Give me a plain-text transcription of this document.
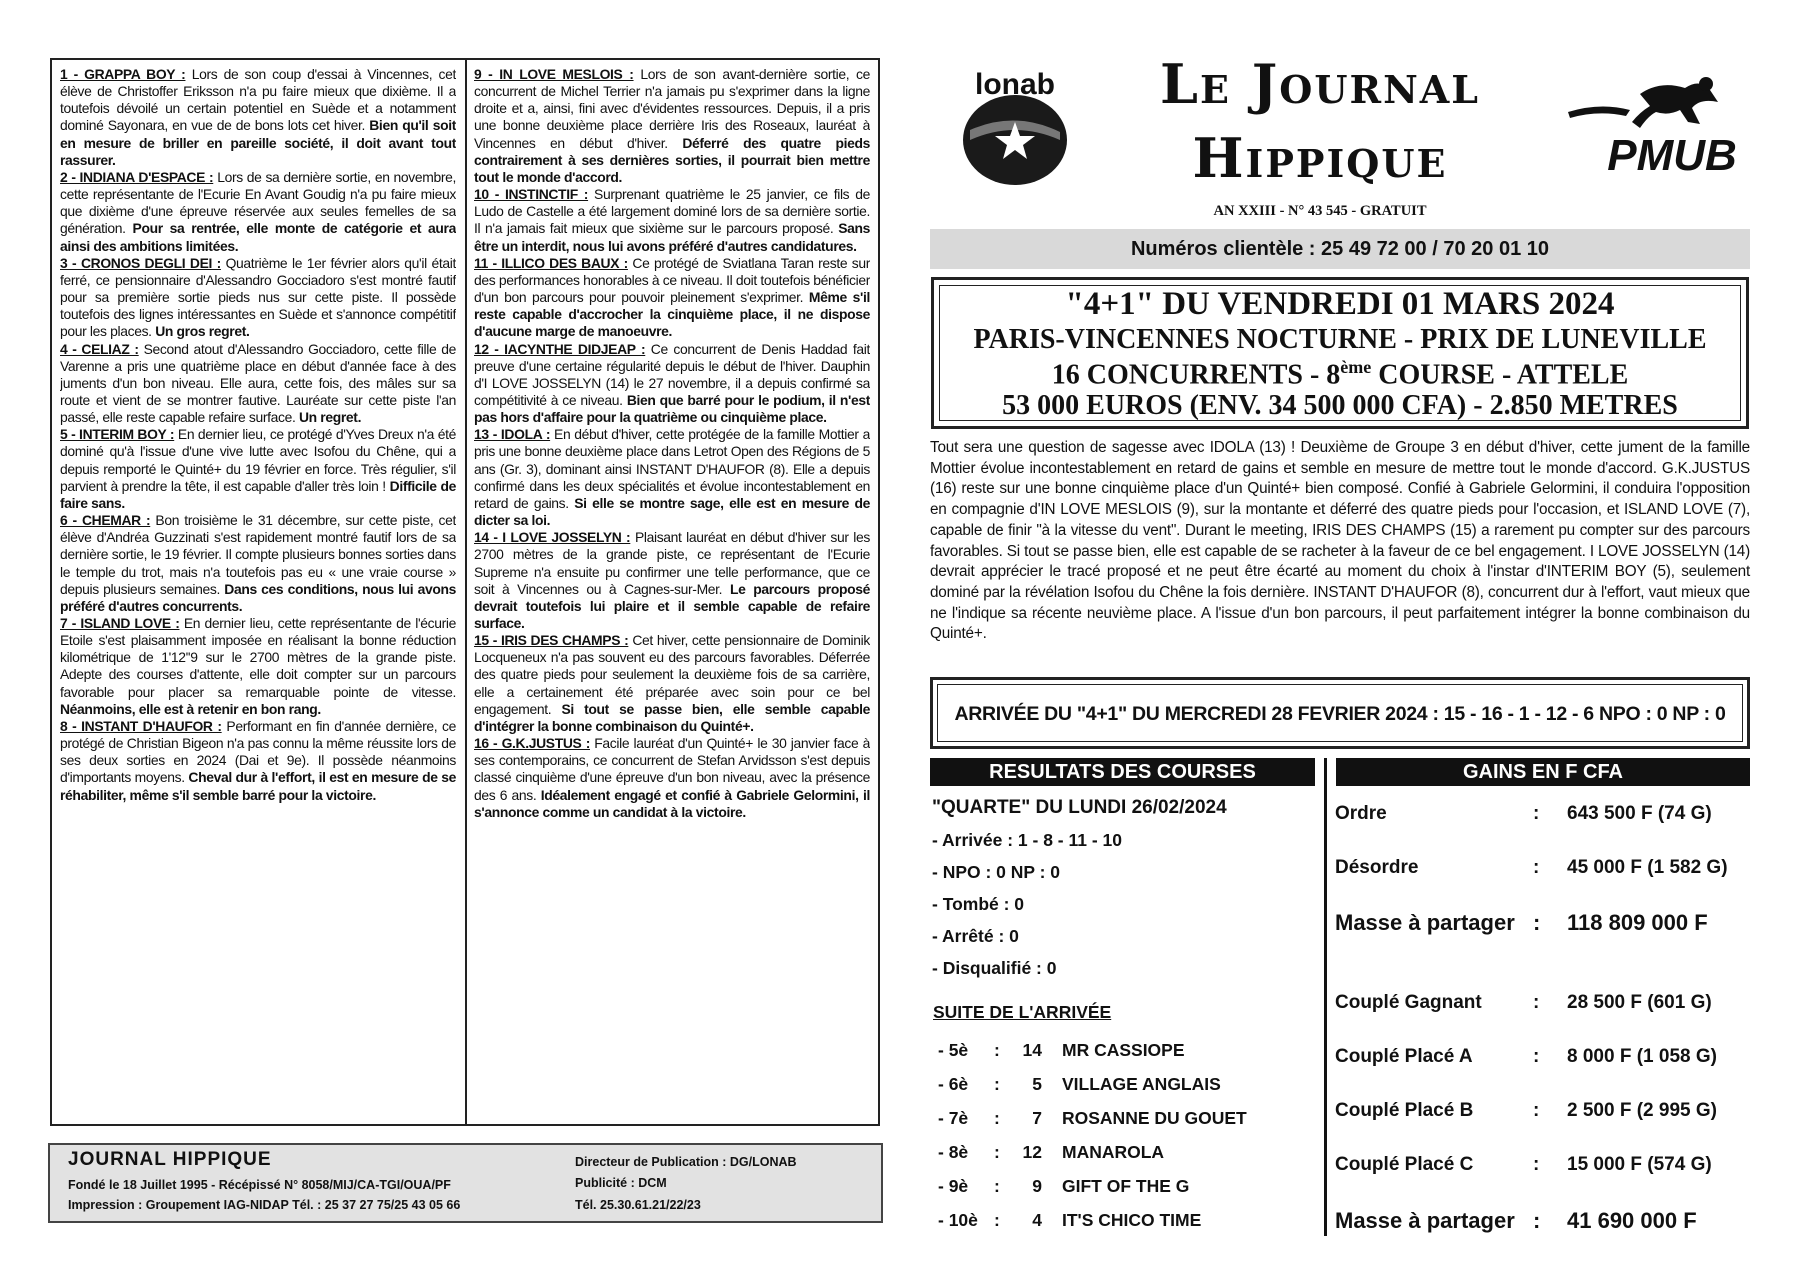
1 - GRAPPA BOY : Lors de son coup d'essai à Vincennes, cet élève de Christoffer Eriksson n'a pu faire mieux que dixième. Il a toutefois dévoilé un certain potentiel en Suède et a notamment dominé Sayonara, en vue de de bons lots cet hiver. Bien qu'il soit en mesure de briller en pareille société, il doit avant tout rassurer.

2 - INDIANA D'ESPACE : Lors de sa dernière sortie, en novembre, cette représentante de l'Ecurie En Avant Goudig n'a pu faire mieux que dixième d'une épreuve réservée aux seules femelles de sa génération. Pour sa rentrée, elle monte de catégorie et aura ainsi des ambitions limitées.

3 - CRONOS DEGLI DEI : Quatrième le 1er février alors qu'il était ferré, ce pensionnaire d'Alessandro Gocciadoro s'est montré fautif pour sa première sortie pieds nus sur cette piste. Il possède toutefois des lignes intéressantes en Suède et s'annonce compétitif pour les places. Un gros regret.

4 - CELIAZ : Second atout d'Alessandro Gocciadoro, cette fille de Varenne a pris une quatrième place en début d'année face à des juments d'un bon niveau. Elle aura, cette fois, des mâles sur sa route et vient de se montrer fautive. Lauréate sur cette piste l'an passé, elle reste capable refaire surface. Un regret.

5 - INTERIM BOY : En dernier lieu, ce protégé d'Yves Dreux n'a été dominé qu'à l'issue d'une vive lutte avec Isofou du Chêne, qui a depuis remporté le Quinté+ du 19 février en force. Très régulier, s'il parvient à prendre la tête, il est capable d'aller très loin ! Difficile de faire sans.

6 - CHEMAR : Bon troisième le 31 décembre, sur cette piste, cet élève d'Andréa Guzzinati s'est rapidement montré fautif lors de sa dernière sortie, le 19 février. Il compte plusieurs bonnes sorties dans le temple du trot, mais n'a toutefois pas eu « une vraie course » depuis plusieurs semaines. Dans ces conditions, nous lui avons préféré d'autres concurrents.

7 - ISLAND LOVE : En dernier lieu, cette représentante de l'écurie Etoile s'est plaisamment imposée en réalisant la bonne réduction kilométrique de 1'12''9 sur le 2700 mètres de la grande piste. Adepte des courses d'attente, elle doit compter sur un parcours favorable pour placer sa remarquable pointe de vitesse. Néanmoins, elle est à retenir en bon rang.

8 - INSTANT D'HAUFOR : Performant en fin d'année dernière, ce protégé de Christian Bigeon n'a pas connu la même réussite lors de ses deux sorties en 2024 (Dai et 9e). Il possède néanmoins d'importants moyens. Cheval dur à l'effort, il est en mesure de se réhabiliter, même s'il semble barré pour la victoire.

9 - IN LOVE MESLOIS : Lors de son avant-dernière sortie, ce concurrent de Michel Terrier n'a jamais pu s'exprimer dans la ligne droite et a, ainsi, fini avec d'évidentes ressources. Depuis, il a pris une bonne deuxième place derrière Iris des Roseaux, lauréat à Vincennes en début d'hiver. Déferré des quatre pieds contrairement à ses dernières sorties, il pourrait bien mettre tout le monde d'accord.

10 - INSTINCTIF : Surprenant quatrième le 25 janvier, ce fils de Ludo de Castelle a été largement dominé lors de sa dernière sortie. Il n'a jamais fait mieux que sixième sur le parcours proposé. Sans être un interdit, nous lui avons préféré d'autres candidatures.

11 - ILLICO DES BAUX : Ce protégé de Sviatlana Taran reste sur des performances honorables à ce niveau. Il doit toutefois bénéficier d'un bon parcours pour pouvoir pleinement s'exprimer. Même s'il reste capable d'accrocher la cinquième place, il ne dispose d'aucune marge de manoeuvre.

12 - IACYNTHE DIDJEAP : Ce concurrent de Denis Haddad fait preuve d'une certaine régularité depuis le début de l'hiver. Dauphin d'I LOVE JOSSELYN (14) le 27 novembre, il a depuis confirmé sa compétitivité à ce niveau. Bien que barré pour le podium, il n'est pas hors d'affaire pour la quatrième ou cinquième place.

13 - IDOLA : En début d'hiver, cette protégée de la famille Mottier a pris une bonne deuxième place dans Letrot Open des Régions de 5 ans (Gr. 3), dominant ainsi INSTANT D'HAUFOR (8). Elle a depuis confirmé dans les deux spécialités et évolue incontestablement en retard de gains. Si elle se montre sage, elle est en mesure de dicter sa loi.

14 - I LOVE JOSSELYN : Plaisant lauréat en début d'hiver sur les 2700 mètres de la grande piste, ce représentant de l'Ecurie Supreme n'a ensuite pu confirmer une telle performance, que ce soit à Vincennes ou à Cagnes-sur-Mer. Le parcours proposé devrait toutefois lui plaire et il semble capable de refaire surface.

15 - IRIS DES CHAMPS : Cet hiver, cette pensionnaire de Dominik Locqueneux n'a pas souvent eu des parcours favorables. Déferrée des quatre pieds pour seulement la deuxième fois de sa carrière, elle a certainement été préparée avec soin pour ce bel engagement. Si tout se passe bien, elle semble capable d'intégrer la bonne combinaison du Quinté+.

16 - G.K.JUSTUS : Facile lauréat d'un Quinté+ le 30 janvier face à ses contemporains, ce concurrent de Stefan Arvidsson s'est depuis classé cinquième d'une épreuve d'un bon niveau, avec la présence des 6 ans. Idéalement engagé et confié à Gabriele Gelormini, il s'annonce comme un candidat à la victoire.

JOURNAL HIPPIQUE
Fondé le 18 Juillet 1995 - Récépissé N° 8058/MIJ/CA-TGI/OUA/PF
Impression : Groupement IAG-NIDAP Tél. : 25 37 27 75/25 43 05 66
Directeur de Publication : DG/LONAB
Publicité : DCM
Tél. 25.30.61.21/22/23
lonab	Le Journal
Hippique
AN XXIII - N° 43 545 - GRATUIT
PMUB
Numéros clientèle : 25 49 72 00 / 70 20 01 10
"4+1" DU VENDREDI 01 MARS 2024
PARIS-VINCENNES NOCTURNE - PRIX DE LUNEVILLE
16 CONCURRENTS - 8ème COURSE - ATTELE
53 000 EUROS (ENV. 34 500 000 CFA) - 2.850 METRES
Tout sera une question de sagesse avec IDOLA (13) ! Deuxième de Groupe 3 en début d'hiver, cette jument de la famille Mottier évolue incontestablement en retard de gains et semble en mesure de mettre tout le monde d'accord. G.K.JUSTUS (16) reste sur une bonne cinquième place d'un Quinté+ bien composé. Confié à Gabriele Gelormini, il conduira l'opposition en compagnie d'IN LOVE MESLOIS (9), sur la montante et déferré des quatre pieds pour l'occasion, et ISLAND LOVE (7), capable de finir "à la vitesse du vent". Durant le meeting, IRIS DES CHAMPS (15) a rarement pu compter sur des parcours favorables. Si tout se passe bien, elle est capable de se racheter à la faveur de ce bel engagement. I LOVE JOSSELYN (14) devrait apprécier le tracé proposé et ne peut être écarté au moment du choix à l'instar d'INTERIM BOY (5), seulement dominé par la révélation Isofou du Chêne la fois dernière. INSTANT D'HAUFOR (8), concurrent dur à l'effort, vaut mieux que ne l'indique sa récente neuvième place. A l'issue d'un bon parcours, il peut parfaitement intégrer la bonne combinaison du Quinté+.
ARRIVÉE DU "4+1" DU MERCREDI 28 FEVRIER 2024 : 15 - 16 - 1 - 12 - 6 NPO : 0 NP : 0
RESULTATS DES COURSES	GAINS EN F CFA
"QUARTE" DU LUNDI 26/02/2024
- Arrivée : 1 - 8 - 11 - 10
- NPO : 0 NP : 0
- Tombé : 0
- Arrêté : 0
- Disqualifié : 0
SUITE DE L'ARRIVÉE
- 5è : 14 MR CASSIOPE
- 6è :	5 VILLAGE ANGLAIS
- 7è :	7 ROSANNE DU GOUET
- 8è : 12 MANAROLA
- 9è :	9 GIFT OF THE G
- 10è :	4 IT'S CHICO TIME
Ordre	: 643 500 F (74 G)
Désordre	: 45 000 F (1 582 G)
Masse à partager : 118 809 000 F
Couplé Gagnant	: 28 500 F (601 G)
Couplé Placé A	: 8 000 F (1 058 G)
Couplé Placé B	: 2 500 F (2 995 G)
Couplé Placé C	: 15 000 F (574 G)
Masse à partager : 41 690 000 F
